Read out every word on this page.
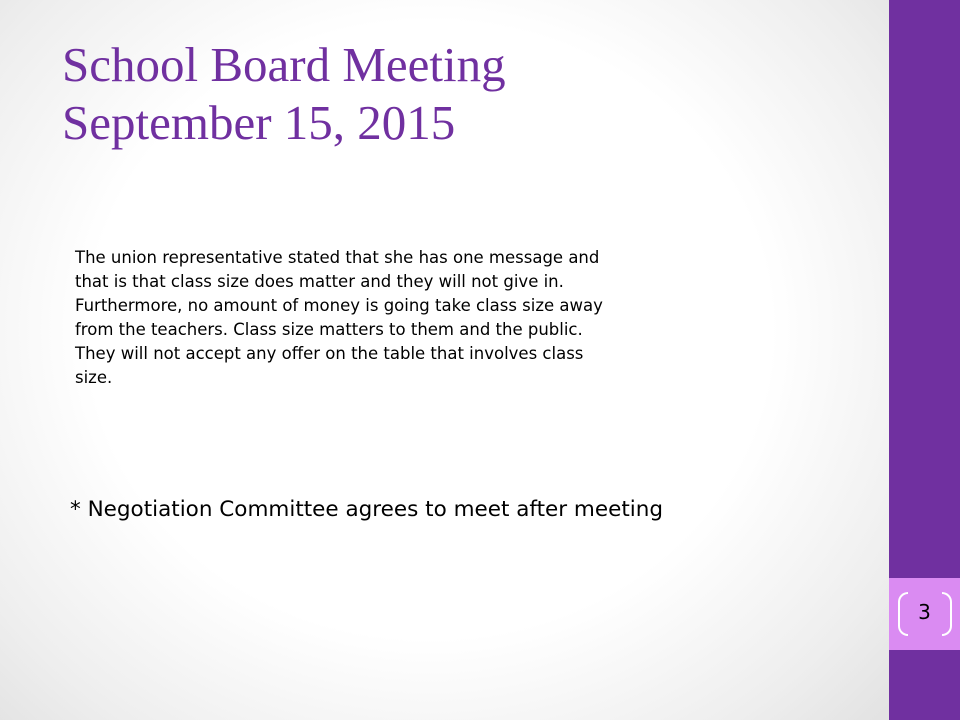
School Board Meeting
September 15, 2015
The union representative stated that she has one message and
that is that class size does matter and they will not give in.
Furthermore, no amount of money is going take class size away
from the teachers. Class size matters to them and the public.
They will not accept any offer on the table that involves class
size.

* Negotiation Committee agrees to meet after meeting

3
